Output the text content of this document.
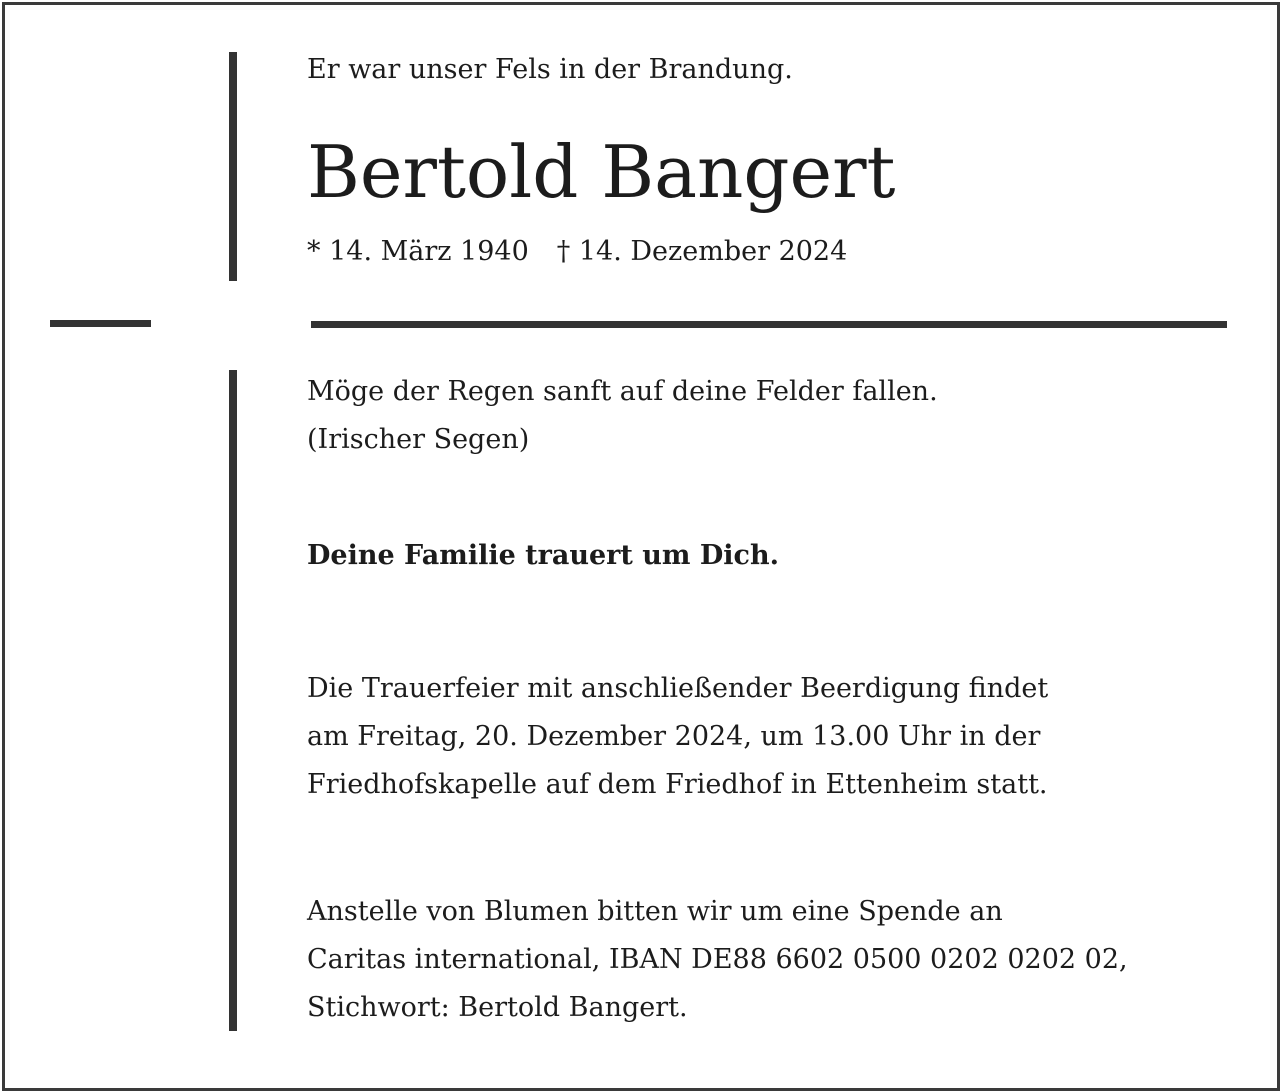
Er war unser Fels in der Brandung.

Bertold Bangert

* 14. März 1940 † 14. Dezember 2024

Möge der Regen sanft auf deine Felder fallen.
(Irischer Segen)

Deine Familie trauert um Dich.

Die Trauerfeier mit anschließender Beerdigung findet
am Freitag, 20. Dezember 2024, um 13.00 Uhr in der
Friedhofskapelle auf dem Friedhof in Ettenheim statt.

Anstelle von Blumen bitten wir um eine Spende an
Caritas international, IBAN DE88 6602 0500 0202 0202 02,
Stichwort: Bertold Bangert.
